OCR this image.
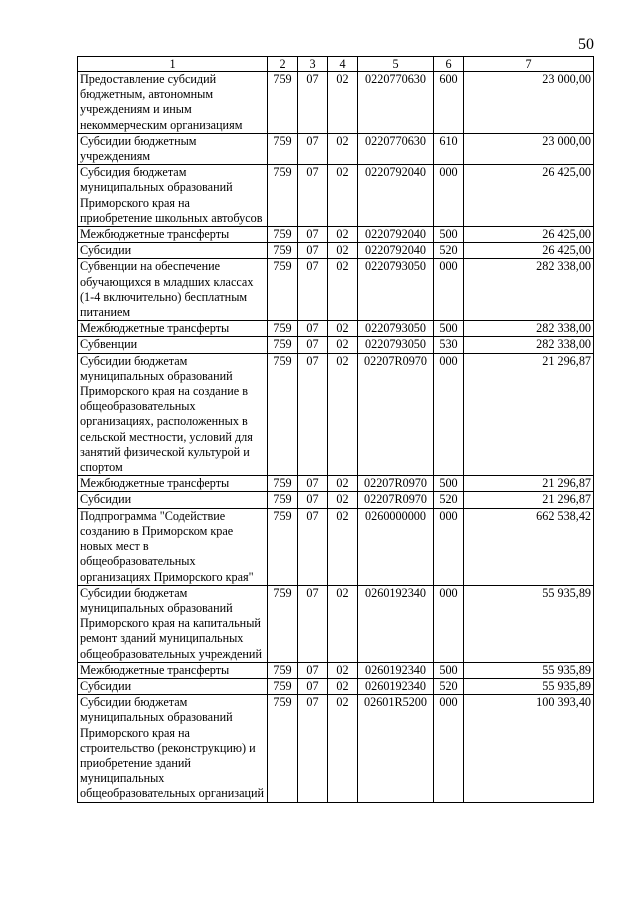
50
1	2	3	4	5	6	7
Предоставление субсидий бюджетным, автономным учреждениям и иным некоммерческим организациям	759	07	02	0220770630	600	23 000,00
Субсидии бюджетным учреждениям	759	07	02	0220770630	610	23 000,00
Субсидия бюджетам муниципальных образований Приморского края на приобретение школьных автобусов	759	07	02	0220792040	000	26 425,00
Межбюджетные трансферты	759	07	02	0220792040	500	26 425,00
Субсидии	759	07	02	0220792040	520	26 425,00
Субвенции на обеспечение обучающихся в младших классах (1-4 включительно) бесплатным питанием	759	07	02	0220793050	000	282 338,00
Межбюджетные трансферты	759	07	02	0220793050	500	282 338,00
Субвенции	759	07	02	0220793050	530	282 338,00
Субсидии бюджетам муниципальных образований Приморского края на создание в общеобразовательных организациях, расположенных в сельской местности, условий для занятий физической культурой и спортом	759	07	02	02207R0970	000	21 296,87
Межбюджетные трансферты	759	07	02	02207R0970	500	21 296,87
Субсидии	759	07	02	02207R0970	520	21 296,87
Подпрограмма "Содействие созданию в Приморском крае новых мест в общеобразовательных организациях Приморского края"	759	07	02	0260000000	000	662 538,42
Субсидии бюджетам муниципальных образований Приморского края на капитальный ремонт зданий муниципальных общеобразовательных учреждений	759	07	02	0260192340	000	55 935,89
Межбюджетные трансферты	759	07	02	0260192340	500	55 935,89
Субсидии	759	07	02	0260192340	520	55 935,89
Субсидии бюджетам муниципальных образований Приморского края на строительство (реконструкцию) и приобретение зданий муниципальных общеобразовательных организаций	759	07	02	02601R5200	000	100 393,40
